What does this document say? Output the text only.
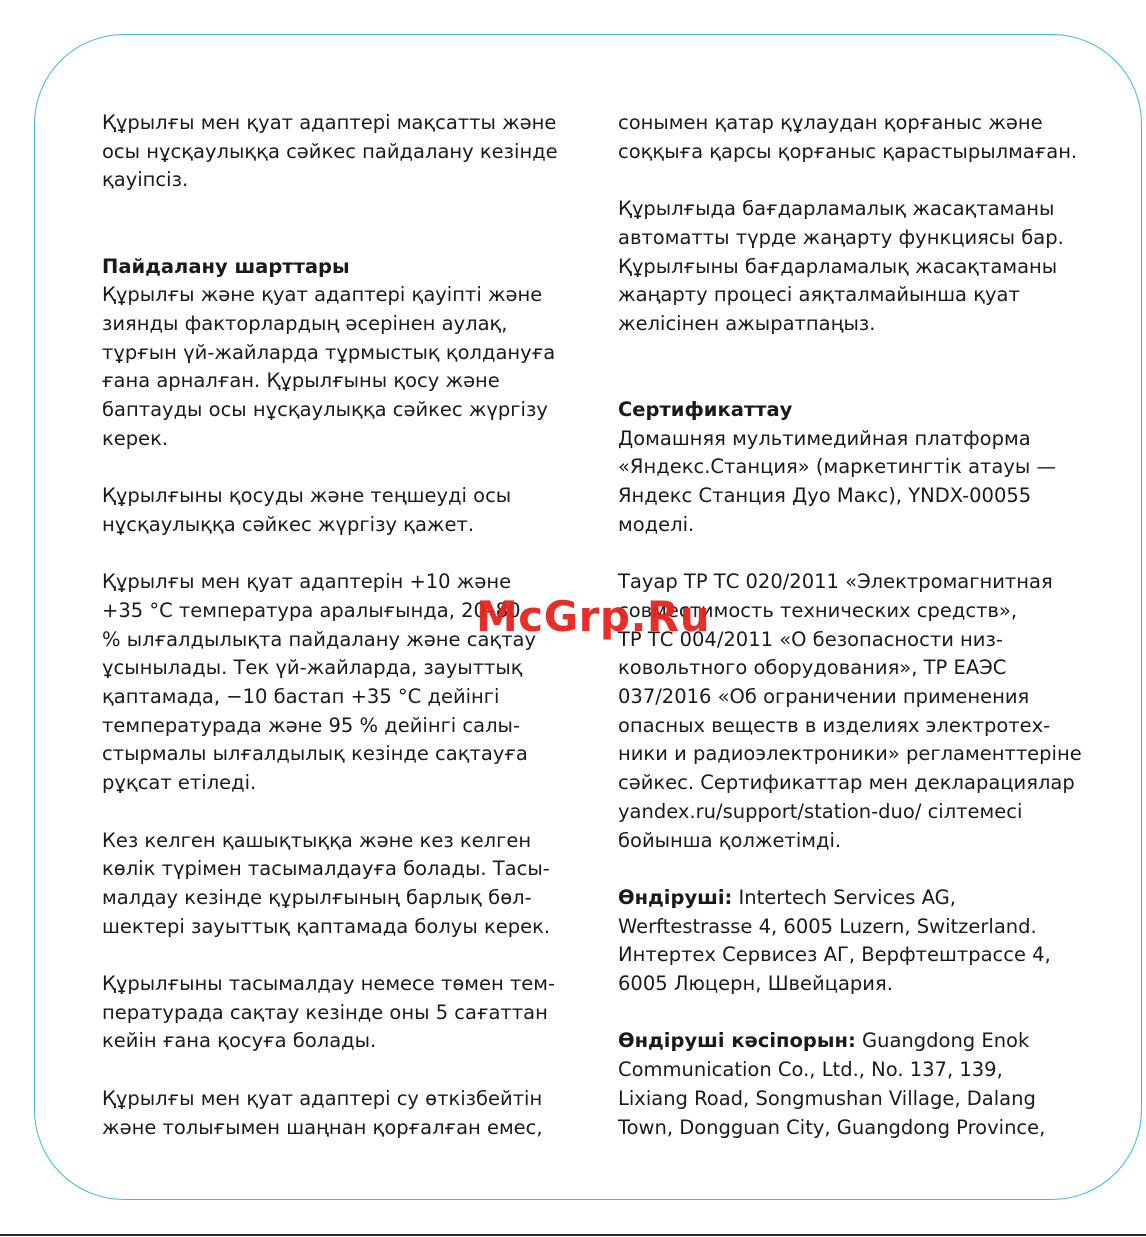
Құрылғы мен қуат адаптері мақсатты және
осы нұсқаулыққа сәйкес пайдалану кезінде
қауіпсіз.

Пайдалану шарттары

Құрылғы және қуат адаптері қауіпті және
зиянды факторлардың әсерінен аулақ,
тұрғын үй-жайларда тұрмыстық қолдануға
ғана арналған. Құрылғыны қосу және
баптауды осы нұсқаулыққа сәйкес жүргізу
керек.

Құрылғыны қосуды және теңшеуді осы
нұсқаулыққа сәйкес жүргізу қажет.

Құрылғы мен қуат адаптерін +10 және
+35 °C температура аралығында, 20–80
% ылғалдылықта пайдалану және сақтау
ұсынылады. Тек үй-жайларда, зауыттық
қаптамада, −10 бастап +35 °C дейінгі
температурада және 95 % дейінгі салы-
стырмалы ылғалдылық кезінде сақтауға
рұқсат етіледі.

Кез келген қашықтыққа және кез келген
көлік түрімен тасымалдауға болады. Тасы-
малдау кезінде құрылғының барлық бөл-
шектері зауыттық қаптамада болуы керек.

Құрылғыны тасымалдау немесе төмен тем-
пературада сақтау кезінде оны 5 сағаттан
кейін ғана қосуға болады.

Құрылғы мен қуат адаптері су өткізбейтін
және толығымен шаңнан қорғалған емес,

сонымен қатар құлаудан қорғаныс және
соққыға қарсы қорғаныс қарастырылмаған.

Құрылғыда бағдарламалық жасақтаманы
автоматты түрде жаңарту функциясы бар.
Құрылғыны бағдарламалық жасақтаманы
жаңарту процесі аяқталмайынша қуат
желісінен ажыратпаңыз.

Сертификаттау

Домашняя мультимедийная платформа
«Яндекс.Станция» (маркетингтік атауы —
Яндекс Станция Дуо Макс), YNDX-00055
моделі.

Тауар ТР ТС 020/2011 «Электромагнитная
совместимость технических средств»,
ТР ТС 004/2011 «О безопасности низ-
ковольтного оборудования», ТР ЕАЭС
037/2016 «Об ограничении применения
опасных веществ в изделиях электротех-
ники и радиоэлектроники» регламенттеріне
сәйкес. Сертификаттар мен декларациялар
yandex.ru/support/station-duo/ сілтемесі
бойынша қолжетімді.

Өндіруші: Intertech Services AG,
Werftestrasse 4, 6005 Luzern, Switzerland.
Интертех Сервисез АГ, Верфтештрассе 4,
6005 Люцерн, Швейцария.

Өндіруші кәсіпорын: Guangdong Enok
Communication Co., Ltd., No. 137, 139,
Lixiang Road, Songmushan Village, Dalang
Town, Dongguan City, Guangdong Province,

McGrp.Ru
